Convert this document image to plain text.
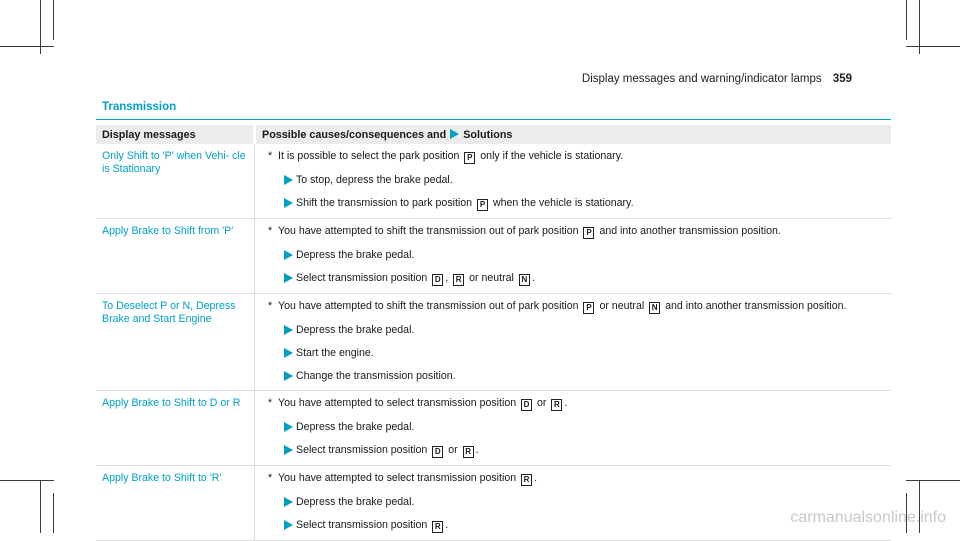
Display messages and warning/indicator lamps 359
Transmission
Display messages	Possible causes/consequences and Solutions
Only Shift to 'P' when Vehi- cle is Stationary	* It is possible to select the park position P only if the vehicle is stationary.
To stop, depress the brake pedal.
Shift the transmission to park position P when the vehicle is stationary.

Apply Brake to Shift from 'P'	* You have attempted to shift the transmission out of park position P and into another transmission position.
Depress the brake pedal.
Select transmission position D , R or neutral N .

To Deselect P or N, Depress Brake and Start Engine	* You have attempted to shift the transmission out of park position P or neutral N and into another transmission position.
Depress the brake pedal.
Start the engine.
Change the transmission position.

Apply Brake to Shift to D or R	* You have attempted to select transmission position D or R .
Depress the brake pedal.
Select transmission position D or R .

Apply Brake to Shift to 'R'	* You have attempted to select transmission position R .
Depress the brake pedal.
Select transmission position R .	carmanualsonline.info
